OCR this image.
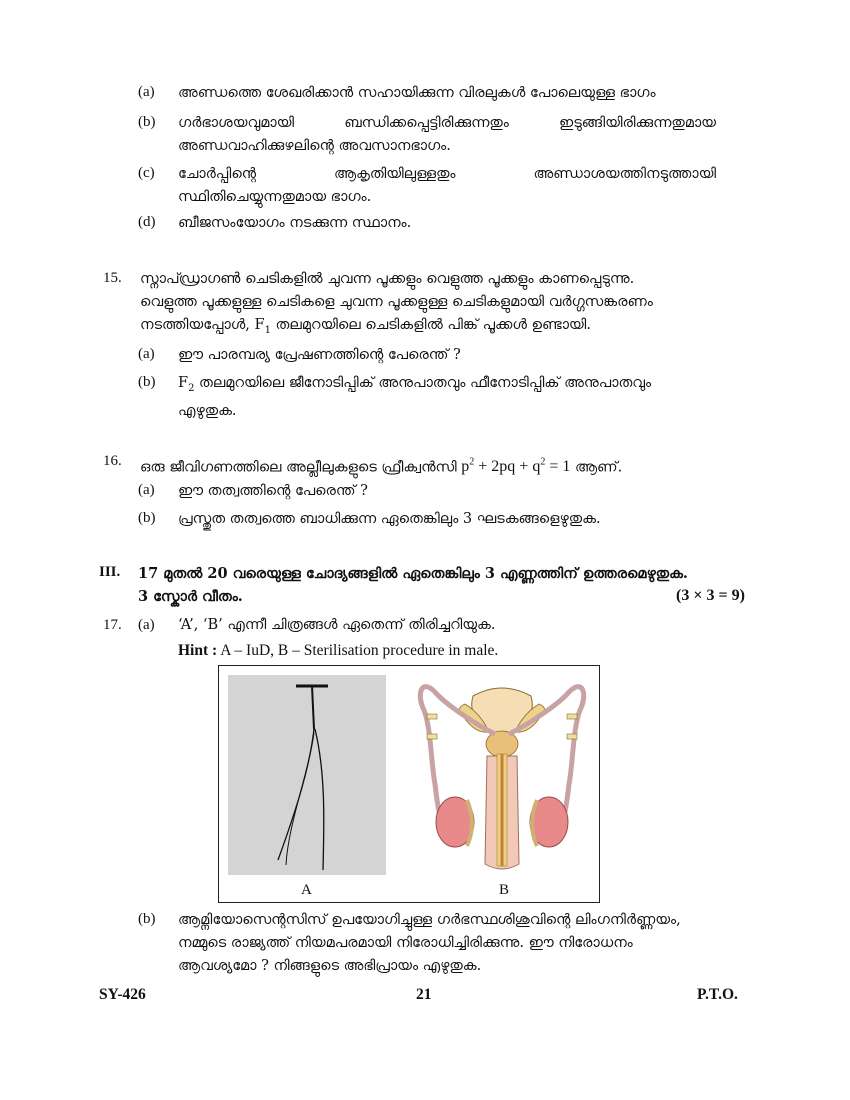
(a) അണ്ഡത്തെ ശേഖരിക്കാൻ സഹായിക്കുന്ന വിരലുകൾ പോലെയുള്ള ഭാഗം
(b) ഗർഭാശയവുമായി ബന്ധിക്കപ്പെട്ടിരിക്കുന്നതും ഇടുങ്ങിയിരിക്കുന്നതുമായ അണ്ഡവാഹിക്കുഴലിന്റെ അവസാനഭാഗം.
(c) ചോർപ്പിന്റെ ആകൃതിയിലുള്ളതും അണ്ഡാശയത്തിനടുത്തായി സ്ഥിതിചെയ്യുന്നതുമായ ഭാഗം.
(d) ബീജസംയോഗം നടക്കുന്ന സ്ഥാനം.
15. സ്നാപ്ഡ്രാഗൺ ചെടികളിൽ ചുവന്ന പൂക്കളും വെളുത്ത പൂക്കളും കാണപ്പെടുന്നു.
വെളുത്ത പൂക്കളുള്ള ചെടികളെ ചുവന്ന പൂക്കളുള്ള ചെടികളുമായി വർഗ്ഗസങ്കരണം
നടത്തിയപ്പോൾ, $F_1$ തലമുറയിലെ ചെടികളിൽ പിങ്ക് പൂക്കൾ ഉണ്ടായി.
(a) ഈ പാരമ്പര്യ പ്രേഷണത്തിന്റെ പേരെന്ത് ?
(b) $F_2$ തലമുറയിലെ ജീനോടിപ്പിക് അനുപാതവും ഫീനോടിപ്പിക് അനുപാതവും
എഴുതുക.
16. ഒരു ജീവിഗണത്തിലെ അല്ലീലുകളുടെ ഫ്രീക്വൻസി $p^2 + 2pq + q^2 = 1$ ആണ്.
(a) ഈ തത്വത്തിന്റെ പേരെന്ത് ?
(b) പ്രസ്തുത തത്വത്തെ ബാധിക്കുന്ന ഏതെങ്കിലും 3 ഘടകങ്ങളെഴുതുക.
III. 17 മുതൽ 20 വരെയുള്ള ചോദ്യങ്ങളിൽ ഏതെങ്കിലും 3 എണ്ണത്തിന് ഉത്തരമെഴുതുക.
3 സ്കോർ വീതം.	(3 × 3 = 9)
17. (a) ‘A’, ‘B’ എന്നീ ചിത്രങ്ങൾ ഏതെന്ന് തിരിച്ചറിയുക.
Hint : A – IuD, B – Sterilisation procedure in male.
A	B
(b) ആമ്നിയോസെന്റസിസ് ഉപയോഗിച്ചുള്ള ഗർഭസ്ഥശിശുവിന്റെ ലിംഗനിർണ്ണയം,
നമ്മുടെ രാജ്യത്ത് നിയമപരമായി നിരോധിച്ചിരിക്കുന്നു. ഈ നിരോധനം
ആവശ്യമോ ? നിങ്ങളുടെ അഭിപ്രായം എഴുതുക.
SY-426	21	P.T.O.
